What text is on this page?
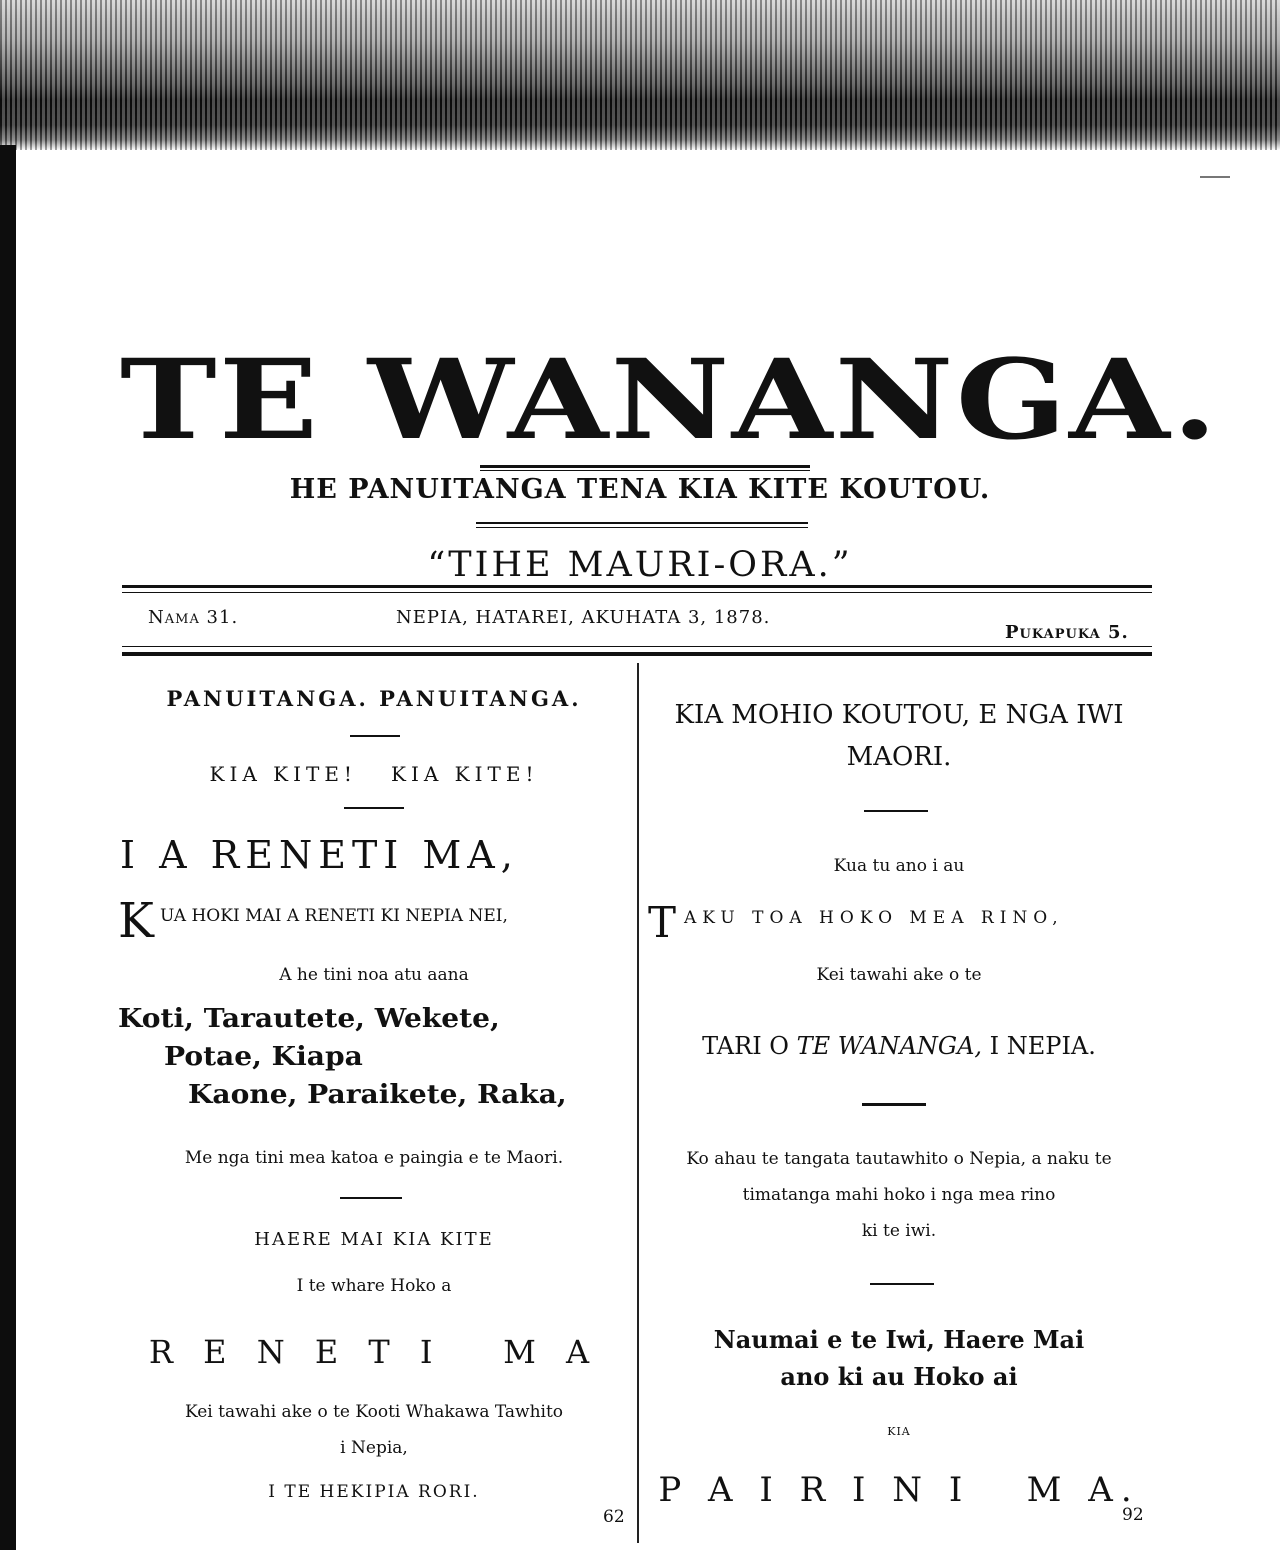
TE WANANGA.
HE PANUITANGA TENA KIA KITE KOUTOU.
“TIHE MAURI-ORA.”
Nama 31.	NEPIA, HATAREI, AKUHATA 3, 1878.
Pukapuka 5.
PANUITANGA. PANUITANGA.
KIA KITE!   KIA KITE!
I A RENETI MA,
K UA HOKI MAI A RENETI KI NEPIA NEI,
A he tini noa atu aana
Koti, Tarautete, Wekete,
Potae, Kiapa
Kaone, Paraikete, Raka,
Me nga tini mea katoa e paingia e te Maori.
HAERE MAI KIA KITE
I te whare Hoko a
R E N E T I   M A
Kei tawahi ake o te Kooti Whakawa Tawhito
i Nepia,
I TE HEKIPIA RORI.
62
KIA MOHIO KOUTOU, E NGA IWI
MAORI.
Kua tu ano i au
T AKU TOA HOKO MEA RINO,
Kei tawahi ake o te
TARI O TE WANANGA, I NEPIA.
Ko ahau te tangata tautawhito o Nepia, a naku te
timatanga mahi hoko i nga mea rino
ki te iwi.
Naumai e te Iwi, Haere Mai
ano ki au Hoko ai
KIA
P A I R I N I   M A.
92
